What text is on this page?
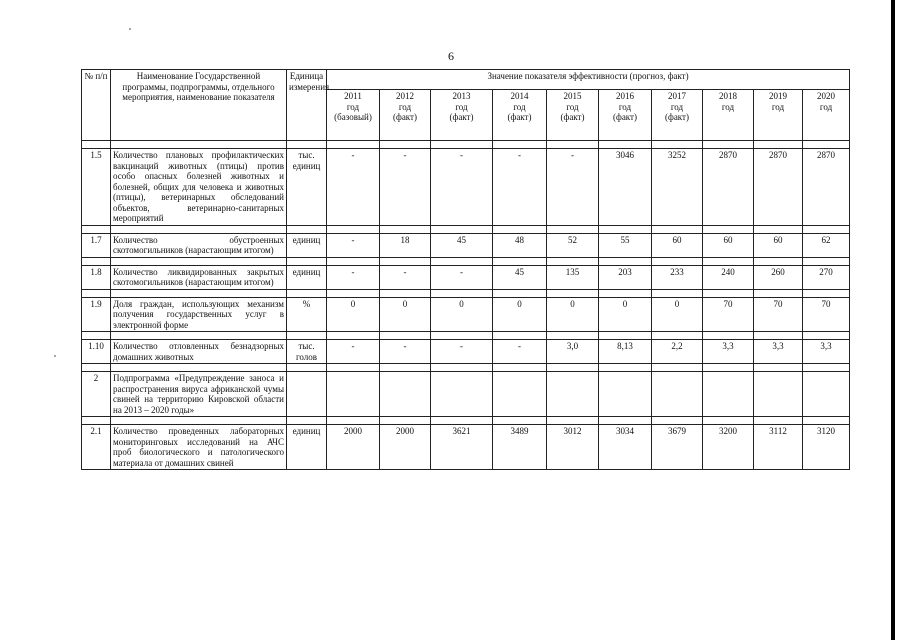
6
№ п/п	Наименование Государственной программы, подпрограммы, отдельного мероприятия, наименование показателя	Единица измерения	Значение показателя эффективности (прогноз, факт)									

			2011
год
(базовый)	2012
год
(факт)	2013
год
(факт)	2014
год
(факт)	2015
год
(факт)	2016
год
(факт)	2017
год
(факт)	2018
год	2019
год	2020
год

1.5	Количество плановых профилактических вакцинаций животных (птицы) против особо опасных болезней животных и болезней, общих для человека и животных (птицы), ветеринарных обследований объектов, ветеринарно-санитарных мероприятий	тыс. единиц	-	-	-	-	-	3046	3252	2870	2870	2870

1.7	Количество обустроенных скотомогильников (нарастающим итогом)	единиц	-	18	45	48	52	55	60	60	60	62

1.8	Количество ликвидированных закрытых скотомогильников (нарастающим итогом)	единиц	-	-	-	45	135	203	233	240	260	270

1.9	Доля граждан, использующих механизм получения государственных услуг в электронной форме	%	0	0	0	0	0	0	0	70	70	70

1.10	Количество отловленных безнадзорных домашних животных	тыс. голов	-	-	-	-	3,0	8,13	2,2	3,3	3,3	3,3

2	Подпрограмма «Предупреждение заноса и распространения вируса африканской чумы свиней на территорию Кировской области на 2013 – 2020 годы»											

2.1	Количество проведенных лабораторных мониторинговых исследований на АЧС проб биологического и патологического материала от домашних свиней	единиц	2000	2000	3621	3489	3012	3034	3679	3200	3112	3120
